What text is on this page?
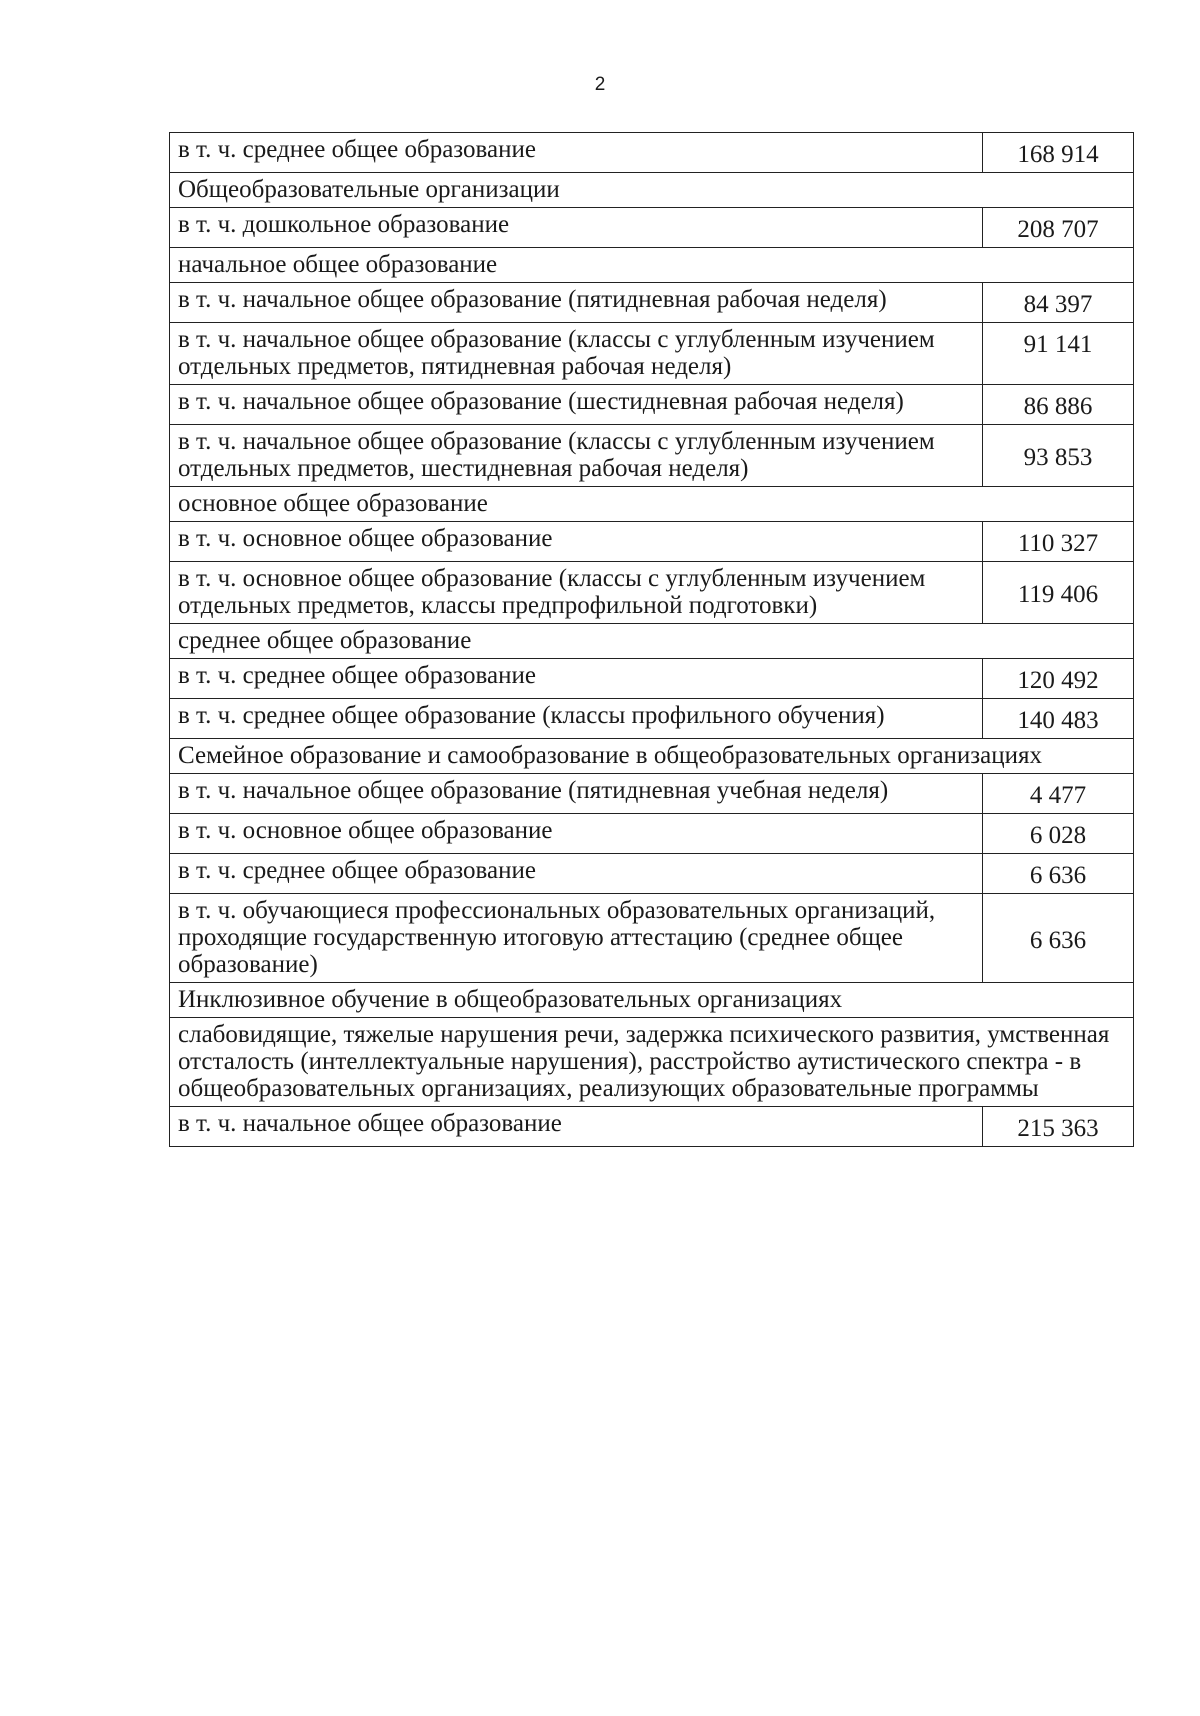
2
в т. ч. среднее общее образование	168 914
Общеобразовательные организации	
в т. ч. дошкольное образование	208 707
начальное общее образование	
в т. ч. начальное общее образование (пятидневная рабочая неделя)	84 397
в т. ч. начальное общее образование (классы с углубленным изучением отдельных предметов, пятидневная рабочая неделя)	91 141
в т. ч. начальное общее образование (шестидневная рабочая неделя)	86 886
в т. ч. начальное общее образование (классы с углубленным изучением отдельных предметов, шестидневная рабочая неделя)	93 853
основное общее образование	
в т. ч. основное общее образование	110 327
в т. ч. основное общее образование (классы с углубленным изучением отдельных предметов, классы предпрофильной подготовки)	119 406
среднее общее образование	
в т. ч. среднее общее образование	120 492
в т. ч. среднее общее образование (классы профильного обучения)	140 483
Семейное образование и самообразование в общеобразовательных организациях	
в т. ч. начальное общее образование (пятидневная учебная неделя)	4 477
в т. ч. основное общее образование	6 028
в т. ч. среднее общее образование	6 636
в т. ч. обучающиеся профессиональных образовательных организаций, проходящие государственную итоговую аттестацию (среднее общее образование)	6 636
Инклюзивное обучение в общеобразовательных организациях	
слабовидящие, тяжелые нарушения речи, задержка психического развития, умственная отсталость (интеллектуальные нарушения), расстройство аутистического спектра - в общеобразовательных организациях, реализующих образовательные программы	
в т. ч. начальное общее образование	215 363
